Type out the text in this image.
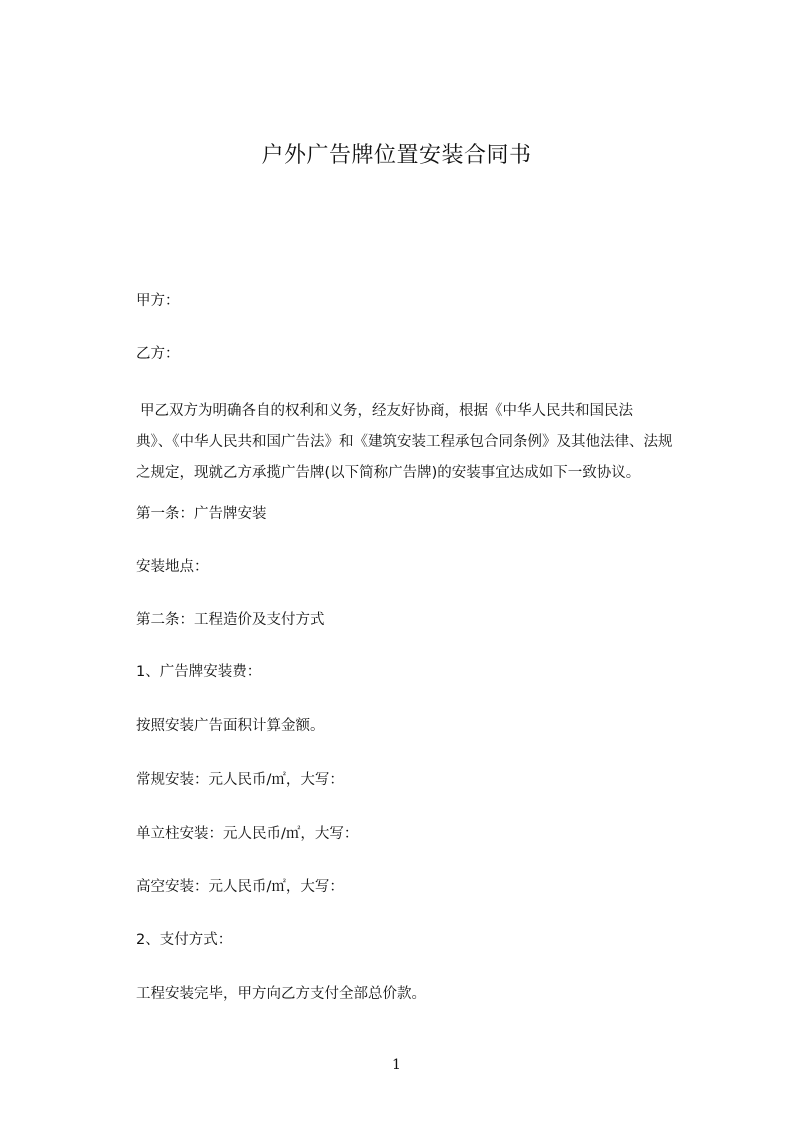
户外广告牌位置安装合同书
甲方：
乙方：
甲乙双方为明确各自的权利和义务，经友好协商，根据《中华人民共和国民法
典》、《中华人民共和国广告法》和《建筑安装工程承包合同条例》及其他法律、法规
之规定，现就乙方承揽广告牌(以下简称广告牌)的安装事宜达成如下一致协议。
第一条：广告牌安装
安装地点：
第二条：工程造价及支付方式
1、广告牌安装费：
按照安装广告面积计算金额。
常规安装：元人民币/㎡，大写：
单立柱安装：元人民币/㎡，大写：
高空安装：元人民币/㎡，大写：
2、支付方式：
工程安装完毕，甲方向乙方支付全部总价款。
1
